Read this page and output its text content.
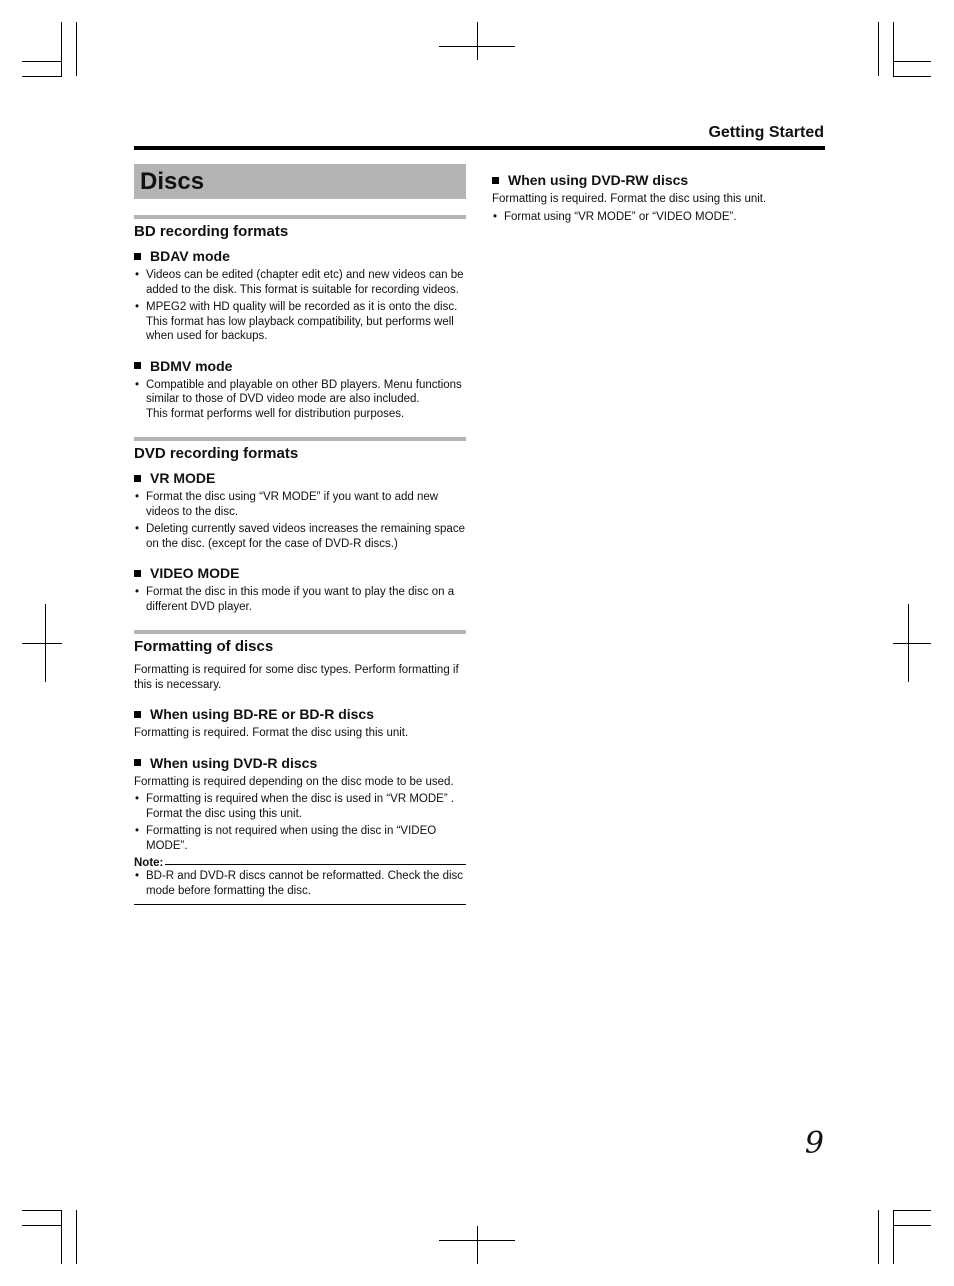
Getting Started
Discs
BD recording formats
BDAV mode
• Videos can be edited (chapter edit etc) and new videos can be added to the disk. This format is suitable for recording videos.
• MPEG2 with HD quality will be recorded as it is onto the disc. This format has low playback compatibility, but performs well when used for backups.
BDMV mode
• Compatible and playable on other BD players. Menu functions similar to those of DVD video mode are also included.
This format performs well for distribution purposes.
DVD recording formats
VR MODE
• Format the disc using “VR MODE” if you want to add new videos to the disc.
• Deleting currently saved videos increases the remaining space on the disc. (except for the case of DVD-R discs.)
VIDEO MODE
• Format the disc in this mode if you want to play the disc on a different DVD player.
Formatting of discs

Formatting is required for some disc types. Perform formatting if this is necessary.

When using BD-RE or BD-R discs

Formatting is required. Format the disc using this unit.

When using DVD-R discs

Formatting is required depending on the disc mode to be used.

• Formatting is required when the disc is used in “VR MODE” . Format the disc using this unit.
• Formatting is not required when using the disc in “VIDEO MODE”.
Note:
• BD-R and DVD-R discs cannot be reformatted. Check the disc mode before formatting the disc.
When using DVD-RW discs

Formatting is required. Format the disc using this unit.

• Format using “VR MODE” or “VIDEO MODE”.
9
